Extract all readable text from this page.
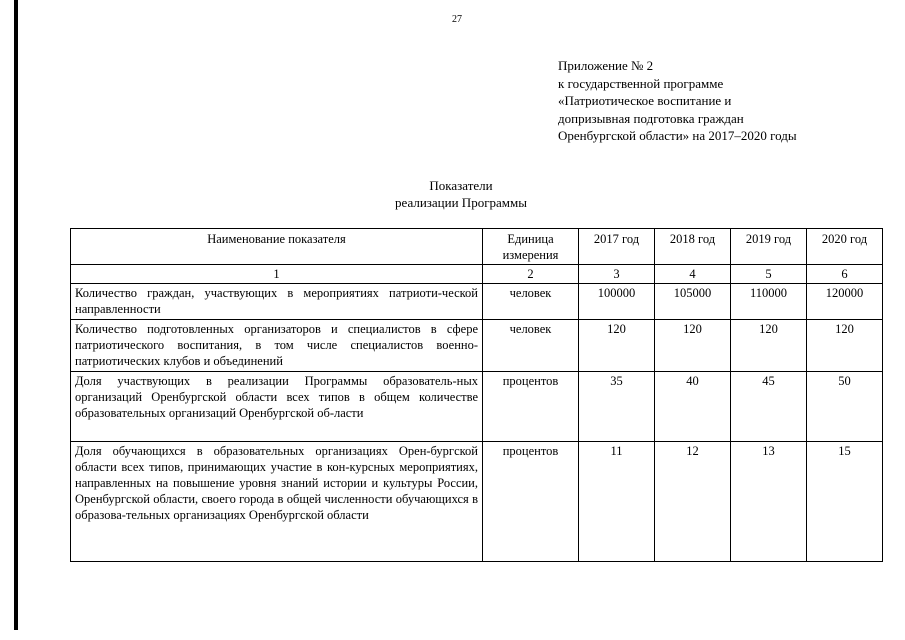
27
Приложение № 2
к государственной программе
«Патриотическое воспитание и
допризывная подготовка граждан
Оренбургской области» на 2017–2020 годы
Показатели
реализации Программы
Наименование показателя	Единица измерения	2017 год	2018 год	2019 год	2020 год
1	2	3	4	5	6
Количество граждан, участвующих в мероприятиях патриоти-ческой направленности	человек	100000	105000	110000	120000
Количество подготовленных организаторов и специалистов в сфере патриотического воспитания, в том числе специалистов военно-патриотических клубов и объединений	человек	120	120	120	120
Доля участвующих в реализации Программы образователь-ных организаций Оренбургской области всех типов в общем количестве образовательных организаций Оренбургской об-ласти	процентов	35	40	45	50
Доля обучающихся в образовательных организациях Орен-бургской области всех типов, принимающих участие в кон-курсных мероприятиях, направленных на повышение уровня знаний истории и культуры России, Оренбургской области, своего города в общей численности обучающихся в образова-тельных организациях Оренбургской области	процентов	11	12	13	15
